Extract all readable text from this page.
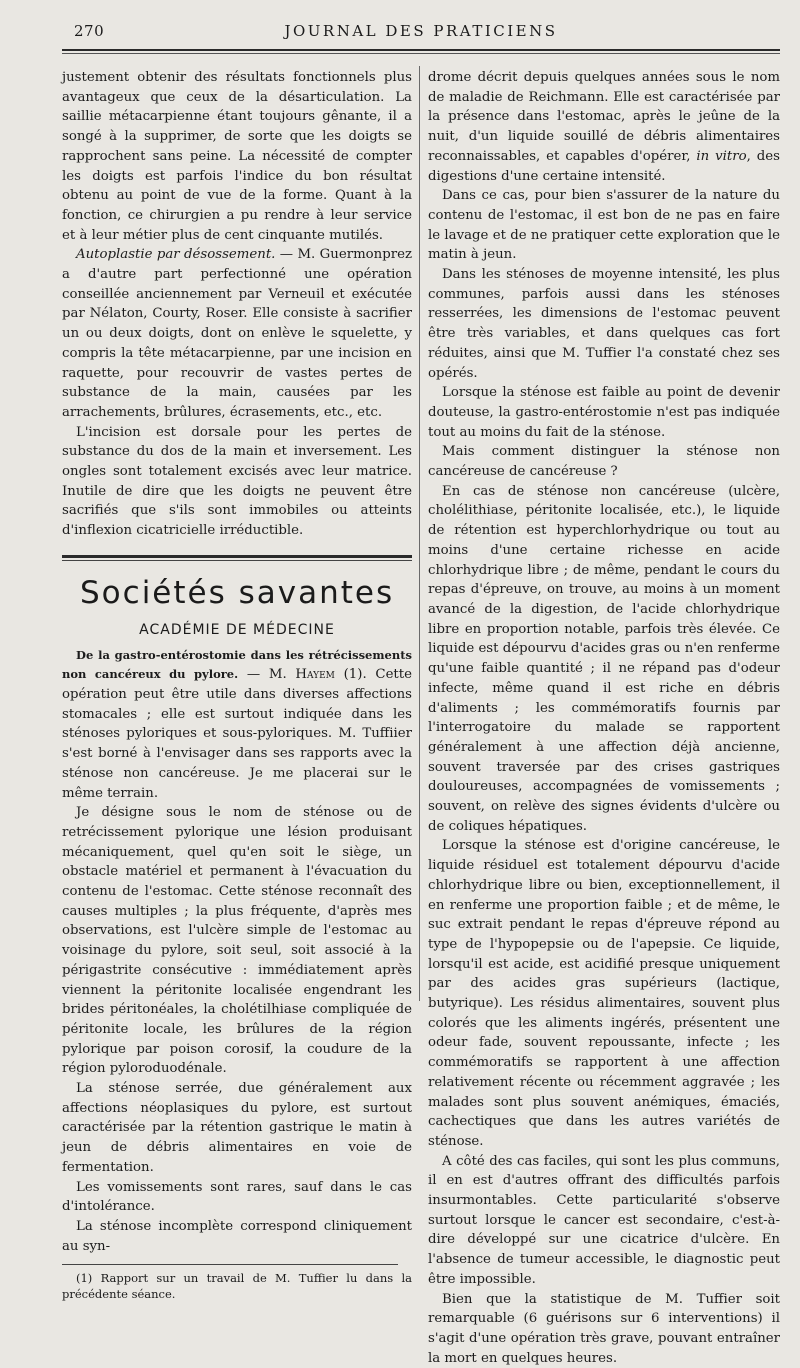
270	JOURNAL DES PRATICIENS

justement obtenir des résultats fonctionnels plus avantageux que ceux de la désarticulation. La saillie métacarpienne étant toujours gênante, il a songé à la supprimer, de sorte que les doigts se rapprochent sans peine. La nécessité de compter les doigts est parfois l'indice du bon résultat obtenu au point de vue de la forme. Quant à la fonction, ce chirurgien a pu rendre à leur service et à leur métier plus de cent cinquante mutilés.

Autoplastie par désossement. — M. Guermonprez a d'autre part perfectionné une opération conseillée anciennement par Verneuil et exécutée par Nélaton, Courty, Roser. Elle consiste à sacrifier un ou deux doigts, dont on enlève le squelette, y compris la tête métacarpienne, par une incision en raquette, pour recouvrir de vastes pertes de substance de la main, causées par les arrachements, brûlures, écrasements, etc., etc.

L'incision est dorsale pour les pertes de substance du dos de la main et inversement. Les ongles sont totalement excisés avec leur matrice. Inutile de dire que les doigts ne peuvent être sacrifiés que s'ils sont immobiles ou atteints d'inflexion cicatricielle irréductible.

Sociétés savantes
ACADÉMIE DE MÉDECINE

De la gastro-entérostomie dans les rétrécissements non cancéreux du pylore. — M. Hayem (1). Cette opération peut être utile dans diverses affections stomacales ; elle est surtout indiquée dans les sténoses pyloriques et sous-pyloriques. M. Tuffiier s'est borné à l'envisager dans ses rapports avec la sténose non cancéreuse. Je me placerai sur le même terrain.

Je désigne sous le nom de sténose ou de retrécissement pylorique une lésion produisant mécaniquement, quel qu'en soit le siège, un obstacle matériel et permanent à l'évacuation du contenu de l'estomac. Cette sténose reconnaît des causes multiples ; la plus fréquente, d'après mes observations, est l'ulcère simple de l'estomac au voisinage du pylore, soit seul, soit associé à la périgastrite consécutive : immédiatement après viennent la péritonite localisée engendrant les brides péritonéales, la cholétilhiase compliquée de péritonite locale, les brûlures de la région pylorique par poison corosif, la coudure de la région pyloroduodénale.

La sténose serrée, due généralement aux affections néoplasiques du pylore, est surtout caractérisée par la rétention gastrique le matin à jeun de débris alimentaires en voie de fermentation.

Les vomissements sont rares, sauf dans le cas d'intolérance.

La sténose incomplète correspond cliniquement au syn-

(1) Rapport sur un travail de M. Tuffier lu dans la précédente séance.

drome décrit depuis quelques années sous le nom de maladie de Reichmann. Elle est caractérisée par la présence dans l'estomac, après le jeûne de la nuit, d'un liquide souillé de débris alimentaires reconnaissables, et capables d'opérer, in vitro, des digestions d'une certaine intensité.

Dans ce cas, pour bien s'assurer de la nature du contenu de l'estomac, il est bon de ne pas en faire le lavage et de ne pratiquer cette exploration que le matin à jeun.

Dans les sténoses de moyenne intensité, les plus communes, parfois aussi dans les sténoses resserrées, les dimensions de l'estomac peuvent être très variables, et dans quelques cas fort réduites, ainsi que M. Tuffier l'a constaté chez ses opérés.

Lorsque la sténose est faible au point de devenir douteuse, la gastro-entérostomie n'est pas indiquée tout au moins du fait de la sténose.

Mais comment distinguer la sténose non cancéreuse de cancéreuse ?

En cas de sténose non cancéreuse (ulcère, cholélithiase, péritonite localisée, etc.), le liquide de rétention est hyperchlorhydrique ou tout au moins d'une certaine richesse en acide chlorhydrique libre ; de même, pendant le cours du repas d'épreuve, on trouve, au moins à un moment avancé de la digestion, de l'acide chlorhydrique libre en proportion notable, parfois très élevée. Ce liquide est dépourvu d'acides gras ou n'en renferme qu'une faible quantité ; il ne répand pas d'odeur infecte, même quand il est riche en débris d'aliments ; les commémoratifs fournis par l'interrogatoire du malade se rapportent généralement à une affection déjà ancienne, souvent traversée par des crises gastriques douloureuses, accompagnées de vomissements ; souvent, on relève des signes évidents d'ulcère ou de coliques hépatiques.

Lorsque la sténose est d'origine cancéreuse, le liquide résiduel est totalement dépourvu d'acide chlorhydrique libre ou bien, exceptionnellement, il en renferme une proportion faible ; et de même, le suc extrait pendant le repas d'épreuve répond au type de l'hypopepsie ou de l'apepsie. Ce liquide, lorsqu'il est acide, est acidifié presque uniquement par des acides gras supérieurs (lactique, butyrique). Les résidus alimentaires, souvent plus colorés que les aliments ingérés, présentent une odeur fade, souvent repoussante, infecte ; les commémoratifs se rapportent à une affection relativement récente ou récemment aggravée ; les malades sont plus souvent anémiques, émaciés, cachectiques que dans les autres variétés de sténose.

A côté des cas faciles, qui sont les plus communs, il en est d'autres offrant des difficultés parfois insurmontables. Cette particularité s'observe surtout lorsque le cancer est secondaire, c'est-à-dire développé sur une cicatrice d'ulcère. En l'absence de tumeur accessible, le diagnostic peut être impossible.

Bien que la statistique de M. Tuffier soit remarquable (6 guérisons sur 6 interventions) il s'agit d'une opération très grave, pouvant entraîner la mort en quelques heures.
